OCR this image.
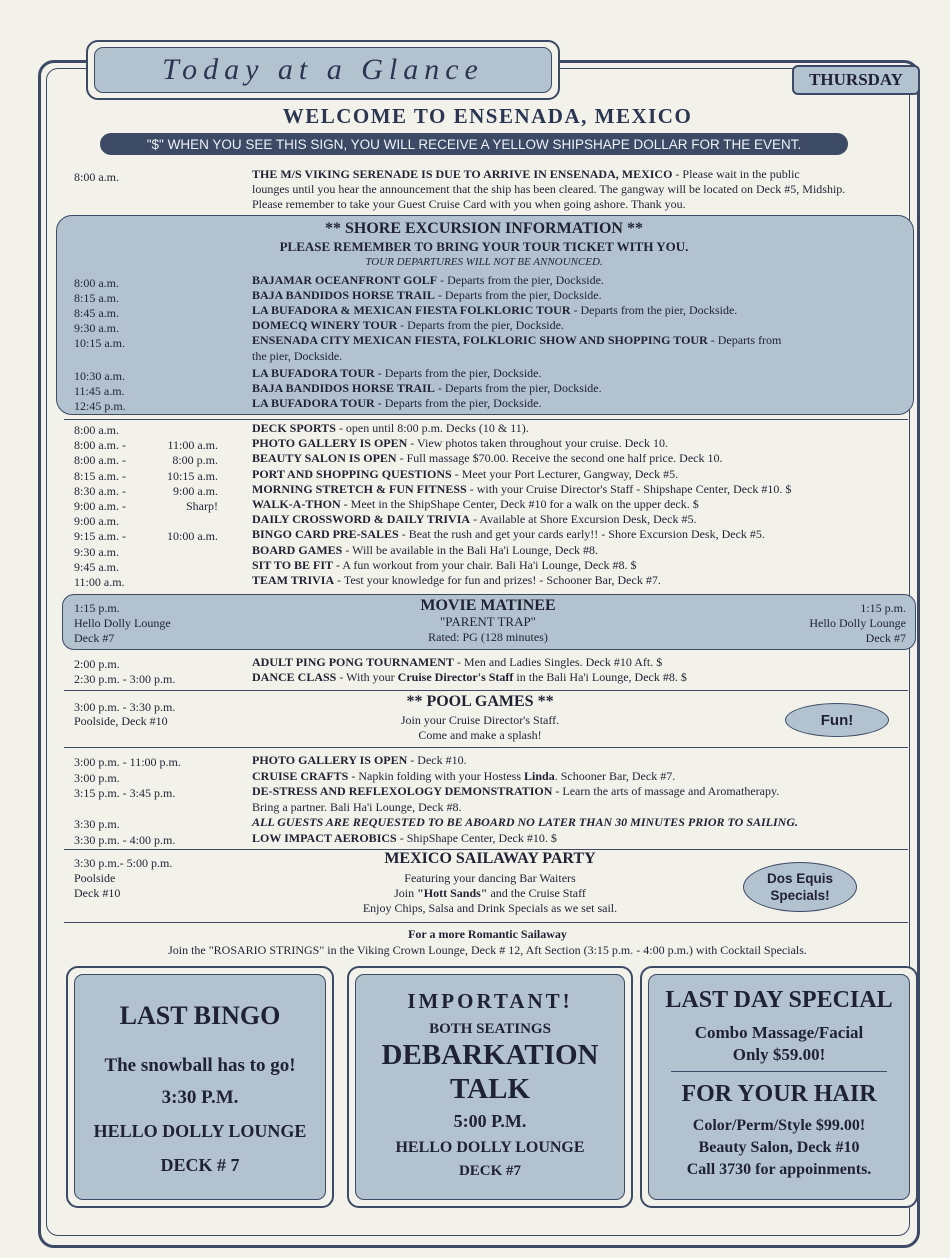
Today at a Glance	THURSDAY
WELCOME TO ENSENADA, MEXICO
"$" WHEN YOU SEE THIS SIGN, YOU WILL RECEIVE A YELLOW SHIPSHAPE DOLLAR FOR THE EVENT.
8:00 a.m.	THE M/S VIKING SERENADE IS DUE TO ARRIVE IN ENSENADA, MEXICO - Please wait in the public
lounges until you hear the announcement that the ship has been cleared. The gangway will be located on Deck #5, Midship.
Please remember to take your Guest Cruise Card with you when going ashore. Thank you.
** SHORE EXCURSION INFORMATION **
PLEASE REMEMBER TO BRING YOUR TOUR TICKET WITH YOU.
TOUR DEPARTURES WILL NOT BE ANNOUNCED.
8:00 a.m.	BAJAMAR OCEANFRONT GOLF - Departs from the pier, Dockside.
8:15 a.m.	BAJA BANDIDOS HORSE TRAIL - Departs from the pier, Dockside.
8:45 a.m.	LA BUFADORA & MEXICAN FIESTA FOLKLORIC TOUR - Departs from the pier, Dockside.
9:30 a.m.	DOMECQ WINERY TOUR - Departs from the pier, Dockside.
10:15 a.m.	ENSENADA CITY MEXICAN FIESTA, FOLKLORIC SHOW AND SHOPPING TOUR - Departs from
the pier, Dockside.
10:30 a.m.	LA BUFADORA TOUR - Departs from the pier, Dockside.
11:45 a.m.	BAJA BANDIDOS HORSE TRAIL - Departs from the pier, Dockside.
12:45 p.m.	LA BUFADORA TOUR - Departs from the pier, Dockside.
8:00 a.m.	DECK SPORTS - open until 8:00 p.m. Decks (10 & 11).
8:00 a.m. -	11:00 a.m.	PHOTO GALLERY IS OPEN - View photos taken throughout your cruise. Deck 10.
8:00 a.m. -	8:00 p.m.	BEAUTY SALON IS OPEN - Full massage $70.00. Receive the second one half price. Deck 10.
8:15 a.m. -	10:15 a.m.	PORT AND SHOPPING QUESTIONS - Meet your Port Lecturer, Gangway, Deck #5.
8:30 a.m. -	9:00 a.m.	MORNING STRETCH & FUN FITNESS - with your Cruise Director's Staff - Shipshape Center, Deck #10. $
9:00 a.m. -	Sharp!	WALK-A-THON - Meet in the ShipShape Center, Deck #10 for a walk on the upper deck. $
9:00 a.m.	DAILY CROSSWORD & DAILY TRIVIA - Available at Shore Excursion Desk, Deck #5.
9:15 a.m. -	10:00 a.m.	BINGO CARD PRE-SALES - Beat the rush and get your cards early!! - Shore Excursion Desk, Deck #5.
9:30 a.m.	BOARD GAMES - Will be available in the Bali Ha'i Lounge, Deck #8.
9:45 a.m.	SIT TO BE FIT - A fun workout from your chair. Bali Ha'i Lounge, Deck #8. $
11:00 a.m.	TEAM TRIVIA - Test your knowledge for fun and prizes! - Schooner Bar, Deck #7.
1:15 p.m.
Hello Dolly Lounge
Deck #7
MOVIE MATINEE
"PARENT TRAP"
Rated: PG (128 minutes)
1:15 p.m.
Hello Dolly Lounge
Deck #7
2:00 p.m.	ADULT PING PONG TOURNAMENT - Men and Ladies Singles. Deck #10 Aft. $
2:30 p.m. - 3:00 p.m.	DANCE CLASS - With your Cruise Director's Staff in the Bali Ha'i Lounge, Deck #8. $
3:00 p.m. - 3:30 p.m.
Poolside, Deck #10
** POOL GAMES **
Join your Cruise Director's Staff.
Come and make a splash!
Fun!
3:00 p.m. - 11:00 p.m.	PHOTO GALLERY IS OPEN - Deck #10.
3:00 p.m.	CRUISE CRAFTS - Napkin folding with your Hostess Linda. Schooner Bar, Deck #7.
3:15 p.m. - 3:45 p.m.	DE-STRESS AND REFLEXOLOGY DEMONSTRATION - Learn the arts of massage and Aromatherapy.
Bring a partner. Bali Ha'i Lounge, Deck #8.
3:30 p.m.	ALL GUESTS ARE REQUESTED TO BE ABOARD NO LATER THAN 30 MINUTES PRIOR TO SAILING.
3:30 p.m. - 4:00 p.m.	LOW IMPACT AEROBICS - ShipShape Center, Deck #10. $
3:30 p.m.- 5:00 p.m.
Poolside
Deck #10
MEXICO SAILAWAY PARTY
Featuring your dancing Bar Waiters
Join "Hott Sands" and the Cruise Staff
Enjoy Chips, Salsa and Drink Specials as we set sail.
Dos Equis
Specials!
For a more Romantic Sailaway
Join the "ROSARIO STRINGS" in the Viking Crown Lounge, Deck # 12, Aft Section (3:15 p.m. - 4:00 p.m.) with Cocktail Specials.
LAST BINGO
The snowball has to go!
3:30 P.M.
HELLO DOLLY LOUNGE
DECK # 7
IMPORTANT!
BOTH SEATINGS
DEBARKATION
TALK
5:00 P.M.
HELLO DOLLY LOUNGE
DECK #7
LAST DAY SPECIAL
Combo Massage/Facial
Only $59.00!
FOR YOUR HAIR
Color/Perm/Style $99.00!
Beauty Salon, Deck #10
Call 3730 for appoinments.
